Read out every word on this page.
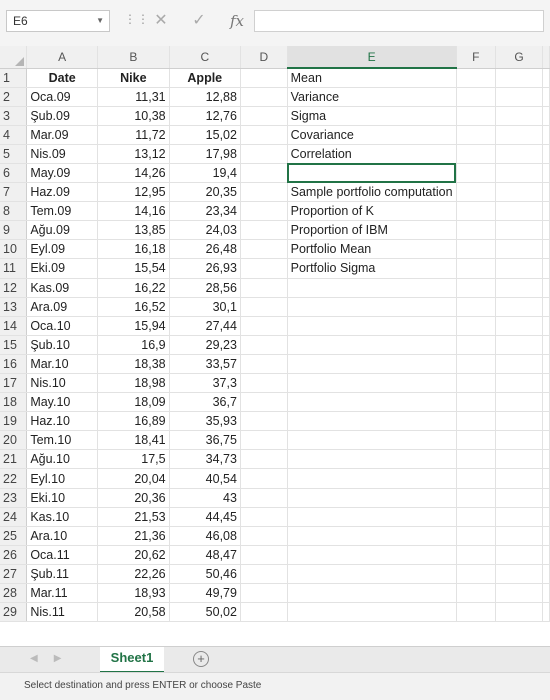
E6	▼ ⋮⋮ ✕ ✓ fx
	A	B	C	D	E	F	G	
1	Date	Nike	Apple		Mean			
2	Oca.09	11,31	12,88		Variance			
3	Şub.09	10,38	12,76		Sigma			
4	Mar.09	11,72	15,02		Covariance			
5	Nis.09	13,12	17,98		Correlation			
6	May.09	14,26	19,4					
7	Haz.09	12,95	20,35		Sample portfolio computation			
8	Tem.09	14,16	23,34		Proportion of K			
9	Ağu.09	13,85	24,03		Proportion of IBM			
10	Eyl.09	16,18	26,48		Portfolio Mean			
11	Eki.09	15,54	26,93		Portfolio Sigma			
12	Kas.09	16,22	28,56					
13	Ara.09	16,52	30,1					
14	Oca.10	15,94	27,44					
15	Şub.10	16,9	29,23					
16	Mar.10	18,38	33,57					
17	Nis.10	18,98	37,3					
18	May.10	18,09	36,7					
19	Haz.10	16,89	35,93					
20	Tem.10	18,41	36,75					
21	Ağu.10	17,5	34,73					
22	Eyl.10	20,04	40,54					
23	Eki.10	20,36	43					
24	Kas.10	21,53	44,45					
25	Ara.10	21,36	46,08					
26	Oca.11	20,62	48,47					
27	Şub.11	22,26	50,46					
28	Mar.11	18,93	49,79					
29	Nis.11	20,58	50,02					
◀▶	Sheet1	+
Select destination and press ENTER or choose Paste
